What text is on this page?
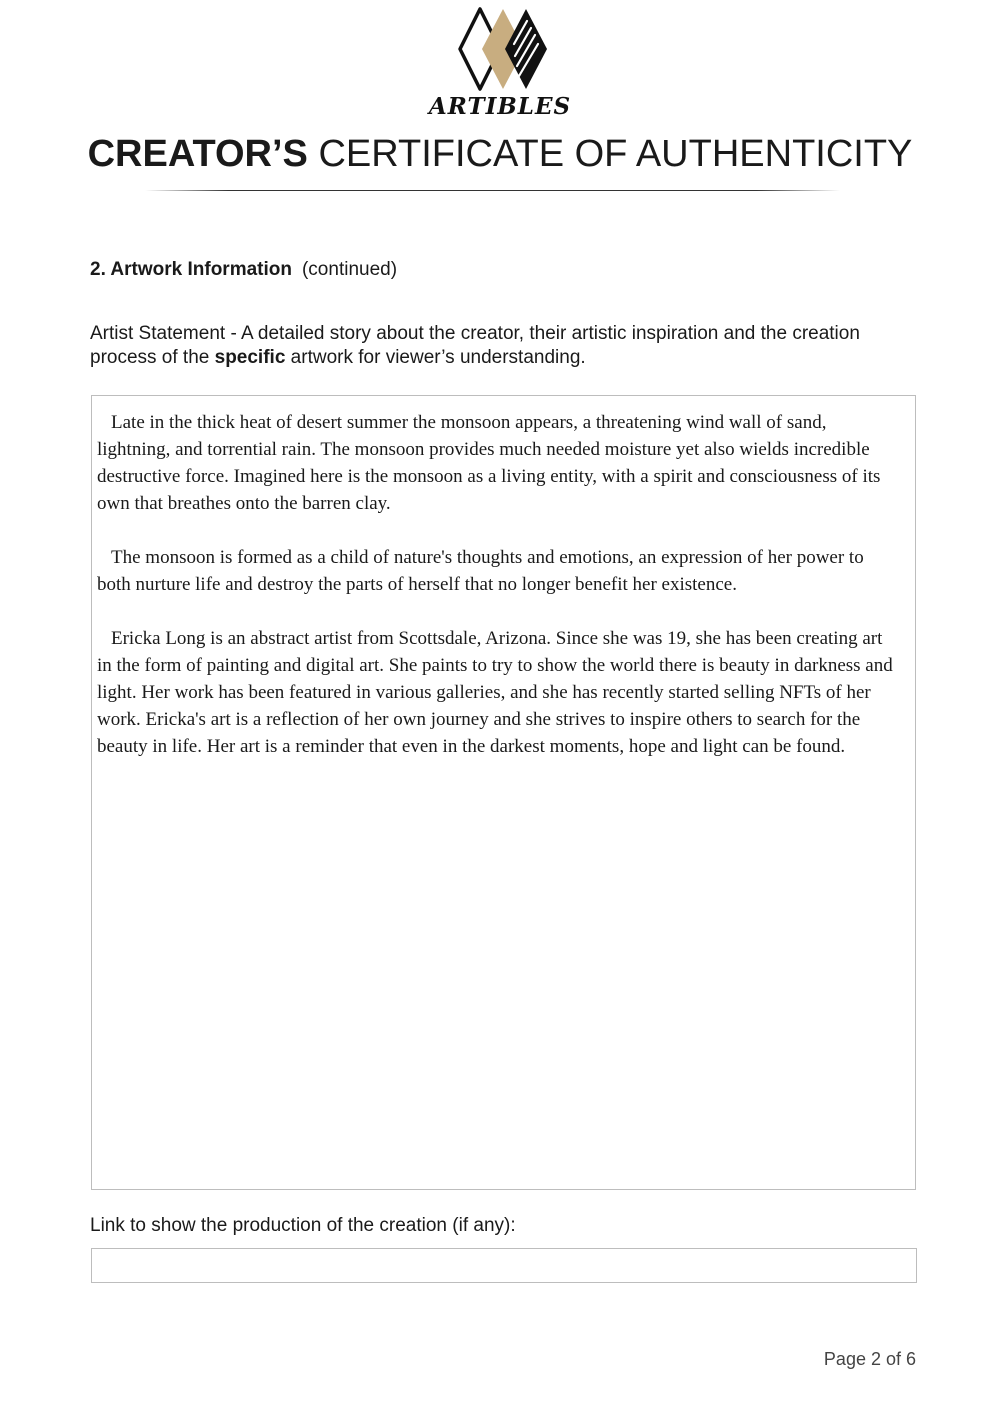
ARTIBLES
CREATOR’S CERTIFICATE OF AUTHENTICITY
2. Artwork Information (continued)
Artist Statement - A detailed story about the creator, their artistic inspiration and the creation process of the specific artwork for viewer’s understanding.

Late in the thick heat of desert summer the monsoon appears, a threatening wind wall of sand, lightning, and torrential rain. The monsoon provides much needed moisture yet also wields incredible destructive force. Imagined here is the monsoon as a living entity, with a spirit and consciousness of its own that breathes onto the barren clay.

The monsoon is formed as a child of nature's thoughts and emotions, an expression of her power to both nurture life and destroy the parts of herself that no longer benefit her existence.

Ericka Long is an abstract artist from Scottsdale, Arizona. Since she was 19, she has been creating art in the form of painting and digital art. She paints to try to show the world there is beauty in darkness and light. Her work has been featured in various galleries, and she has recently started selling NFTs of her work. Ericka's art is a reflection of her own journey and she strives to inspire others to search for the beauty in life. Her art is a reminder that even in the darkest moments, hope and light can be found.

Link to show the production of the creation (if any):
Page 2 of 6
